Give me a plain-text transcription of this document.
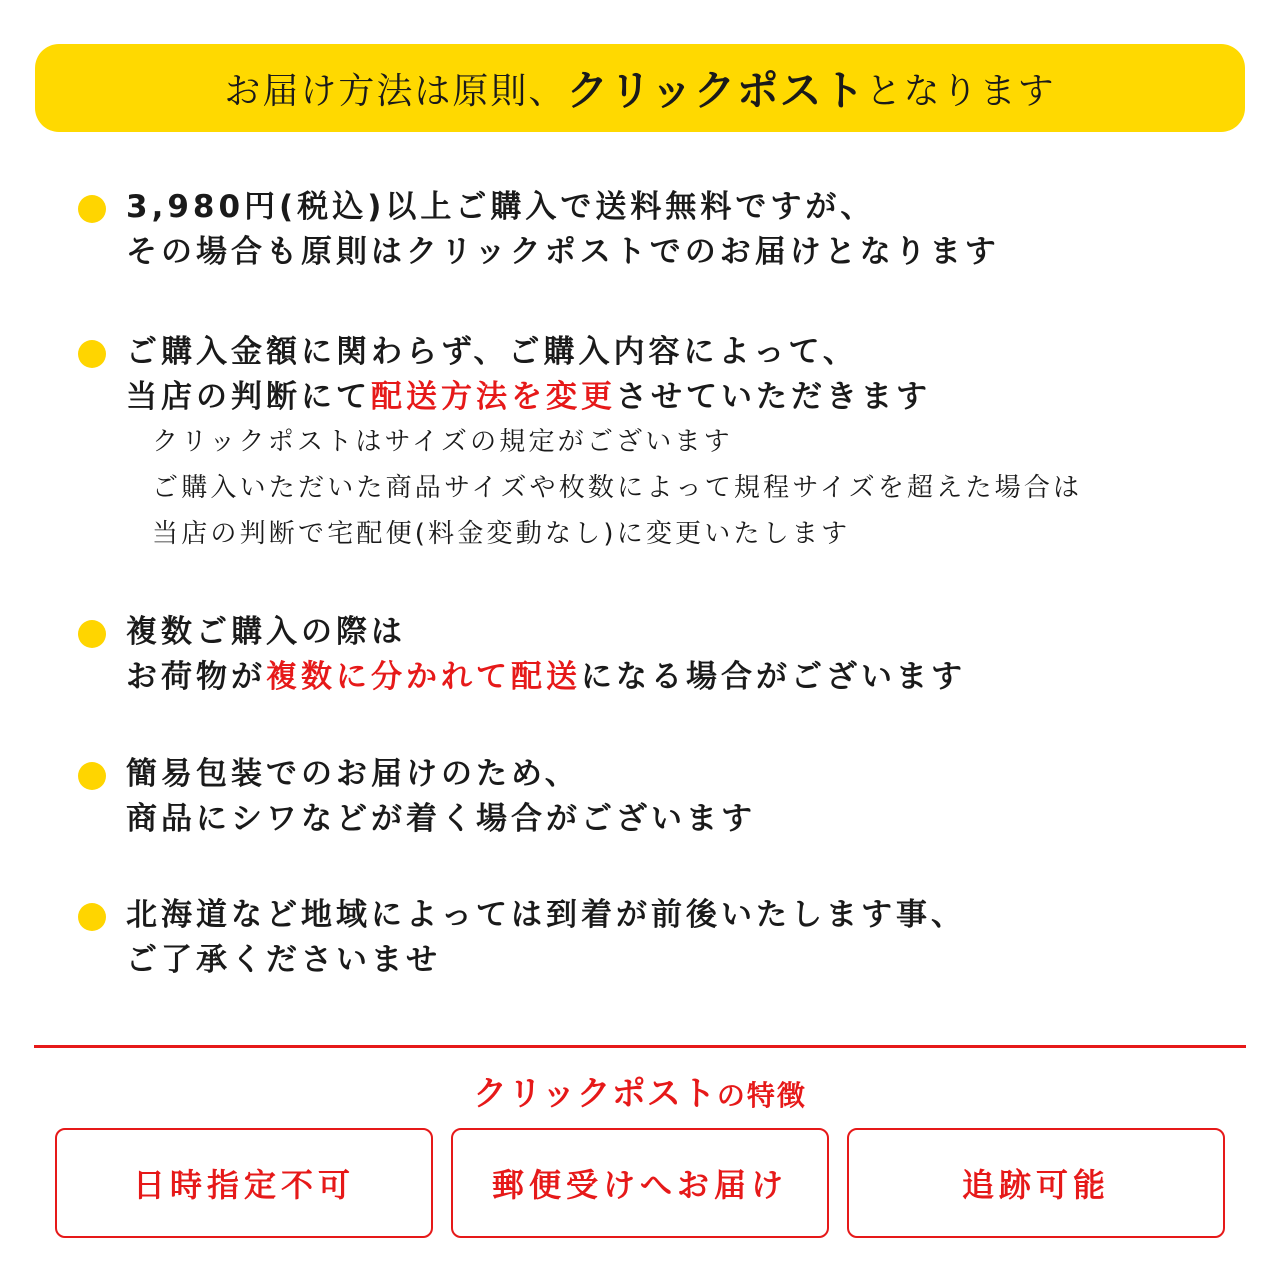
お届け方法は原則、 クリックポスト となります
3,980円(税込)以上ご購入で送料無料ですが、
その場合も原則はクリックポストでのお届けとなります
ご購入金額に関わらず、ご購入内容によって、
当店の判断にて配送方法を変更させていただきます
クリックポストはサイズの規定がございます
ご購入いただいた商品サイズや枚数によって規程サイズを超えた場合は
当店の判断で宅配便(料金変動なし)に変更いたします
複数ご購入の際は
お荷物が複数に分かれて配送になる場合がございます
簡易包装でのお届けのため、
商品にシワなどが着く場合がございます
北海道など地域によっては到着が前後いたします事、
ご了承くださいませ
クリックポストの特徴
日時指定不可	郵便受けへお届け	追跡可能
